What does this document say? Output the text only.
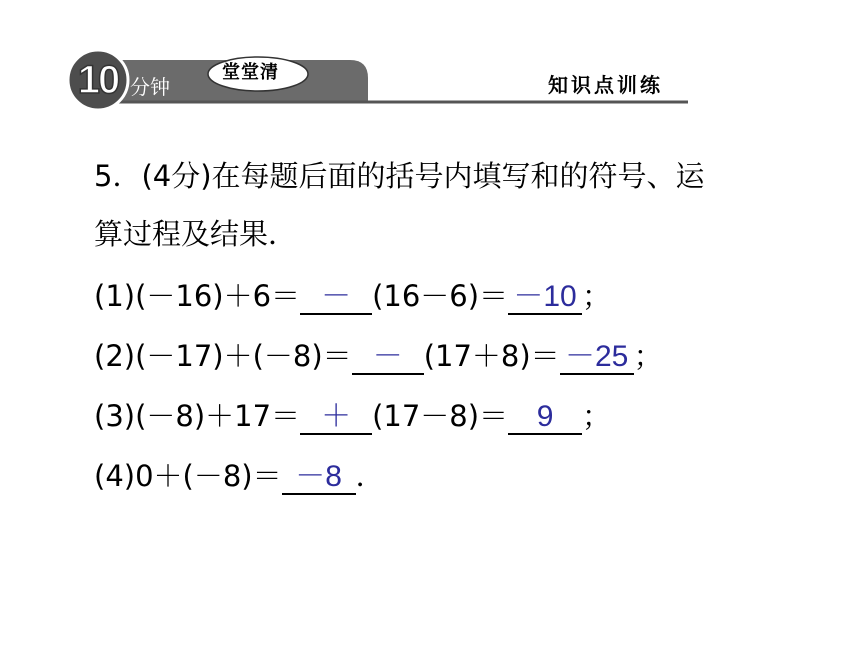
10 分钟
堂堂清
知识点训练
5．(4分)在每题后面的括号内填写和的符号、运
算过程及结果．
(1)(－16)＋6＝ － (16－6)＝ －10 ；
(2)(－17)＋(－8)＝ － (17＋8)＝ －25 ；
(3)(－8)＋17＝ ＋ (17－8)＝ 9 ；
(4)0＋(－8)＝ －8 ．
